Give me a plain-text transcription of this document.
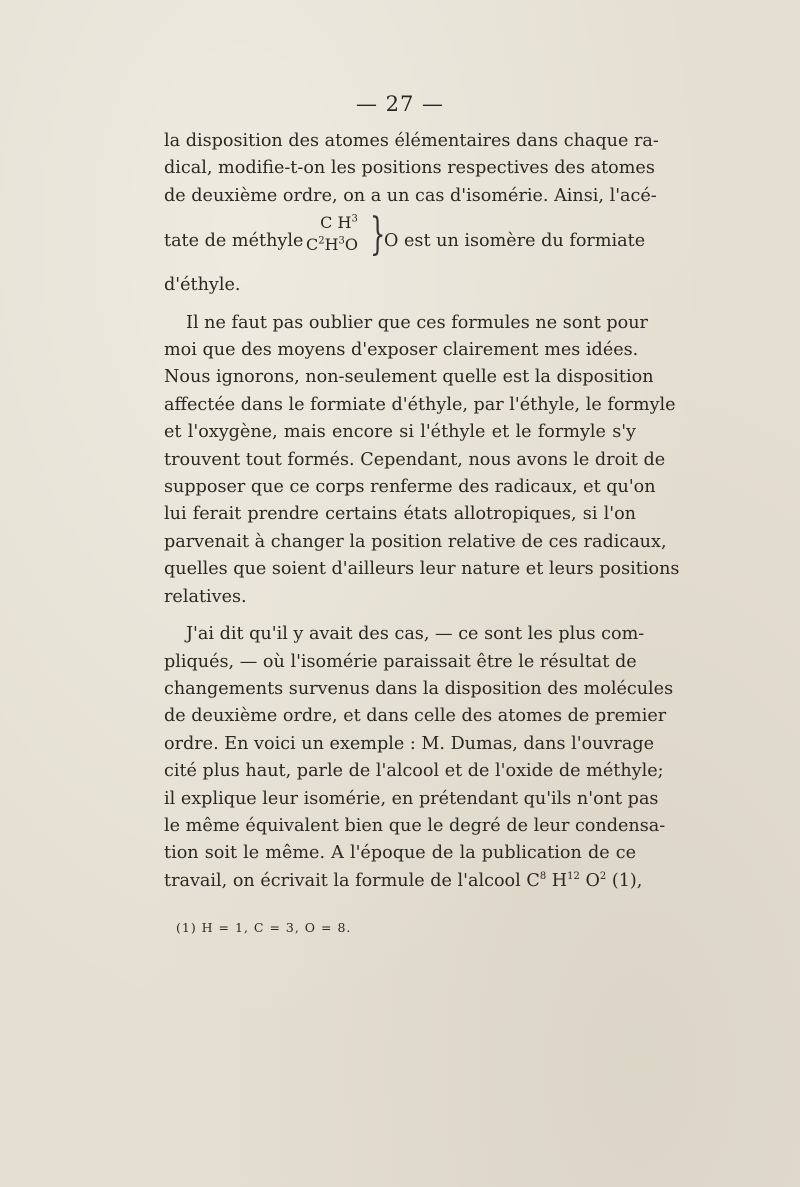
— 27 —
la disposition des atomes élémentaires dans chaque ra-
dical, modifie-t-on les positions respectives des atomes
de deuxième ordre, on a un cas d'isomérie. Ainsi, l'acé-
tate de méthyle
C $H^3$
$C^2H^3O$ }
O est un isomère du formiate
d'éthyle.
Il ne faut pas oublier que ces formules ne sont pour
moi que des moyens d'exposer clairement mes idées.
Nous ignorons, non-seulement quelle est la disposition
affectée dans le formiate d'éthyle, par l'éthyle, le formyle
et l'oxygène, mais encore si l'éthyle et le formyle s'y
trouvent tout formés. Cependant, nous avons le droit de
supposer que ce corps renferme des radicaux, et qu'on
lui ferait prendre certains états allotropiques, si l'on
parvenait à changer la position relative de ces radicaux,
quelles que soient d'ailleurs leur nature et leurs positions
relatives.
J'ai dit qu'il y avait des cas, — ce sont les plus com-
pliqués, — où l'isomérie paraissait être le résultat de
changements survenus dans la disposition des molécules
de deuxième ordre, et dans celle des atomes de premier
ordre. En voici un exemple : M. Dumas, dans l'ouvrage
cité plus haut, parle de l'alcool et de l'oxide de méthyle;
il explique leur isomérie, en prétendant qu'ils n'ont pas
le même équivalent bien que le degré de leur condensa-
tion soit le même. A l'époque de la publication de ce
travail, on écrivait la formule de l'alcool $C^8$ $H^{12}$ $O^2$ (1),
(1) H = 1, C = 3, O = 8.
